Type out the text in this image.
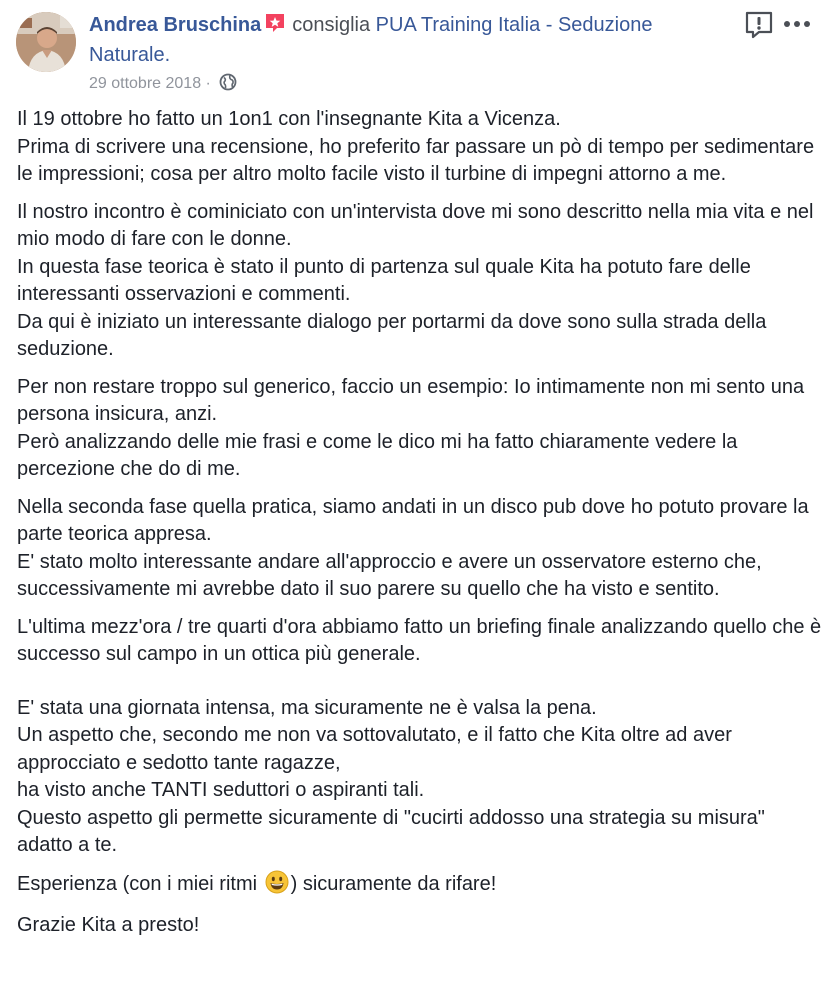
Andrea Bruschina consiglia PUA Training Italia - Seduzione Naturale.
29 ottobre 2018 ·

Il 19 ottobre ho fatto un 1on1 con l'insegnante Kita a Vicenza.
Prima di scrivere una recensione, ho preferito far passare un pò di tempo per sedimentare le impressioni; cosa per altro molto facile visto il turbine di impegni attorno a me.

Il nostro incontro è cominiciato con un'intervista dove mi sono descritto nella mia vita e nel mio modo di fare con le donne.
In questa fase teorica è stato il punto di partenza sul quale Kita ha potuto fare delle interessanti osservazioni e commenti.
Da qui è iniziato un interessante dialogo per portarmi da dove sono sulla strada della seduzione.

Per non restare troppo sul generico, faccio un esempio: Io intimamente non mi sento una persona insicura, anzi.
Però analizzando delle mie frasi e come le dico mi ha fatto chiaramente vedere la percezione che do di me.

Nella seconda fase quella pratica, siamo andati in un disco pub dove ho potuto provare la parte teorica appresa.
E' stato molto interessante andare all'approccio e avere un osservatore esterno che, successivamente mi avrebbe dato il suo parere su quello che ha visto e sentito.

L'ultima mezz'ora / tre quarti d'ora abbiamo fatto un briefing finale analizzando quello che è successo sul campo in un ottica più generale.

E' stata una giornata intensa, ma sicuramente ne è valsa la pena.
Un aspetto che, secondo me non va sottovalutato, e il fatto che Kita oltre ad aver approcciato e sedotto tante ragazze,
ha visto anche TANTI seduttori o aspiranti tali.
Questo aspetto gli permette sicuramente di "cucirti addosso una strategia su misura" adatto a te.

Esperienza (con i miei ritmi ) sicuramente da rifare!

Grazie Kita a presto!
